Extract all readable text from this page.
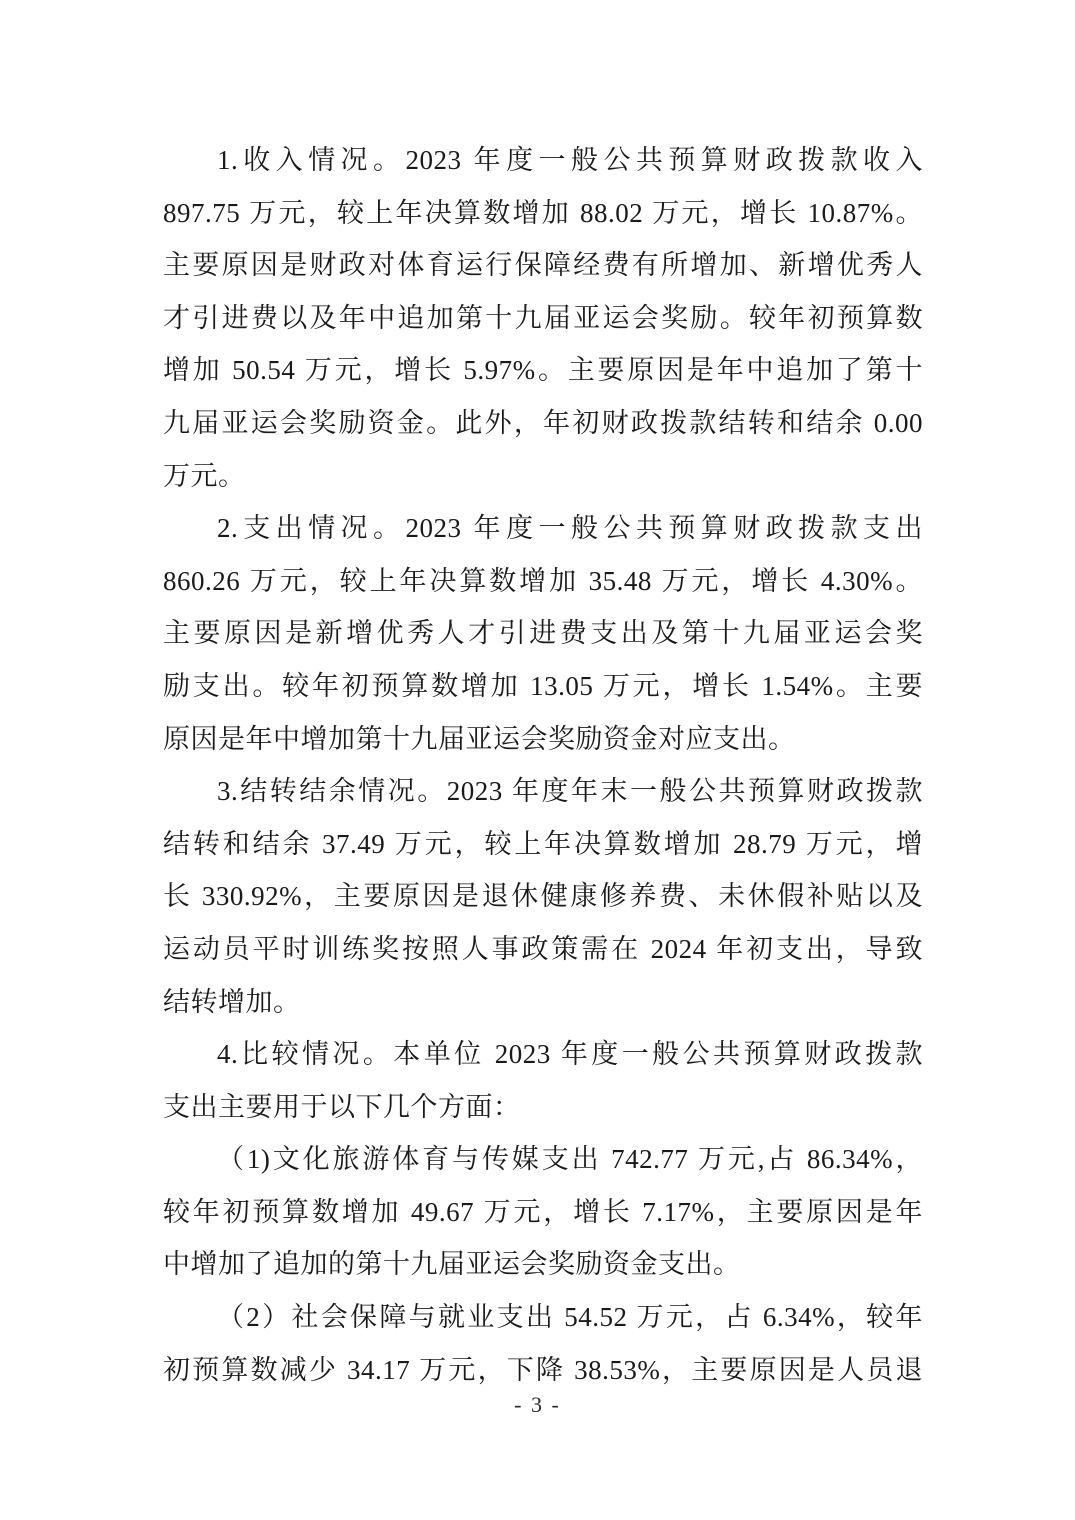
1.收入情况。2023 年度一般公共预算财政拨款收入
897.75 万元，较上年决算数增加 88.02 万元，增长 10.87%。
主要原因是财政对体育运行保障经费有所增加、新增优秀人
才引进费以及年中追加第十九届亚运会奖励。较年初预算数
增加 50.54 万元，增长 5.97%。主要原因是年中追加了第十
九届亚运会奖励资金。此外，年初财政拨款结转和结余 0.00
万元。
2.支出情况。2023 年度一般公共预算财政拨款支出
860.26 万元，较上年决算数增加 35.48 万元，增长 4.30%。
主要原因是新增优秀人才引进费支出及第十九届亚运会奖
励支出。较年初预算数增加 13.05 万元，增长 1.54%。主要
原因是年中增加第十九届亚运会奖励资金对应支出。
3.结转结余情况。2023 年度年末一般公共预算财政拨款
结转和结余 37.49 万元，较上年决算数增加 28.79 万元，增
长 330.92%，主要原因是退休健康修养费、未休假补贴以及
运动员平时训练奖按照人事政策需在 2024 年初支出，导致
结转增加。
4.比较情况。本单位 2023 年度一般公共预算财政拨款
支出主要用于以下几个方面：
（1)文化旅游体育与传媒支出 742.77 万元,占 86.34%，
较年初预算数增加 49.67 万元，增长 7.17%，主要原因是年
中增加了追加的第十九届亚运会奖励资金支出。
（2）社会保障与就业支出 54.52 万元，占 6.34%，较年
初预算数减少 34.17 万元，下降 38.53%，主要原因是人员退
- 3 -
